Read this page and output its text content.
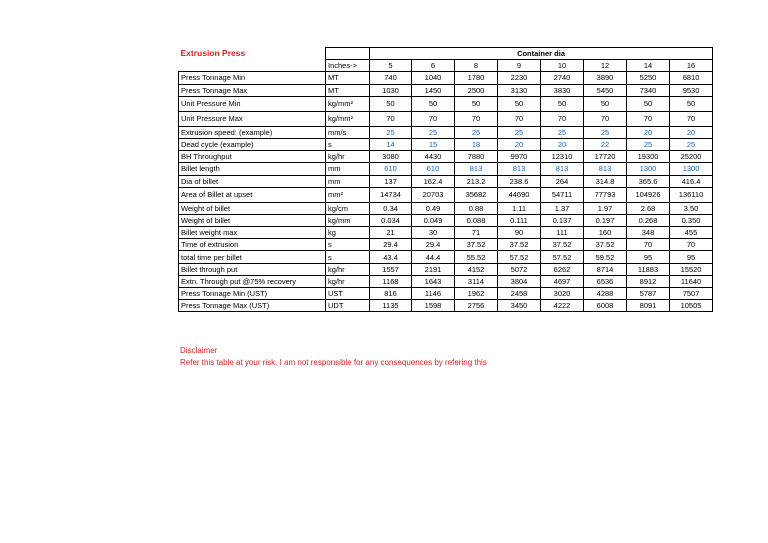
Extrusion Press		Container dia							
	Inches->	5	6	8	9	10	12	14	16
Press Tonnage Min	MT	740	1040	1780	2230	2740	3890	5250	6810
Press Tonnage Max	MT	1030	1450	2500	3130	3830	5450	7340	9530
Unit Pressure Min	kg/mm²	50	50	50	50	50	50	50	50
Unit Pressure Max	kg/mm²	70	70	70	70	70	70	70	70
Extrusion speed: (example)	mm/s	25	25	25	25	25	25	20	20
Dead cycle (example)	s	14	15	18	20	20	22	25	25
BH Throughput	kg/hr	3080	4430	7880	9970	12310	17720	19300	25200
Billet length	mm	610	610	813	813	813	813	1300	1300
Dia of billet	mm	137	162.4	213.2	238.6	264	314.8	365.6	416.4
Area of Billet at upset	mm²	14734	20703	35682	44690	54711	77793	104926	136110
Weight of billet	kg/cm	0.34	0.49	0.88	1.11	1.37	1.97	2.68	3.50
Weight of billet	kg/mm	0.034	0.049	0.088	0.111	0.137	0.197	0.268	0.350
Billet weight max	kg	21	30	71	90	111	160	348	455
Time of extrusion	s	29.4	29.4	37.52	37.52	37.52	37.52	70	70
total time per billet	s	43.4	44.4	55.52	57.52	57.52	59.52	95	95
Billet through put	kg/hr	1557	2191	4152	5072	6262	8714	11883	15520
Extn. Through put @75% recovery	kg/hr	1168	1643	3114	3804	4697	6536	8912	11640
Press Tonnage Min (UST)	UST	816	1146	1962	2458	3020	4288	5787	7507
Press Tonnage Max (UST)	UDT	1135	1598	2756	3450	4222	6008	8091	10505
Disclaimer
Refer this table at your risk. I am not responsible for any consequences by refering this
